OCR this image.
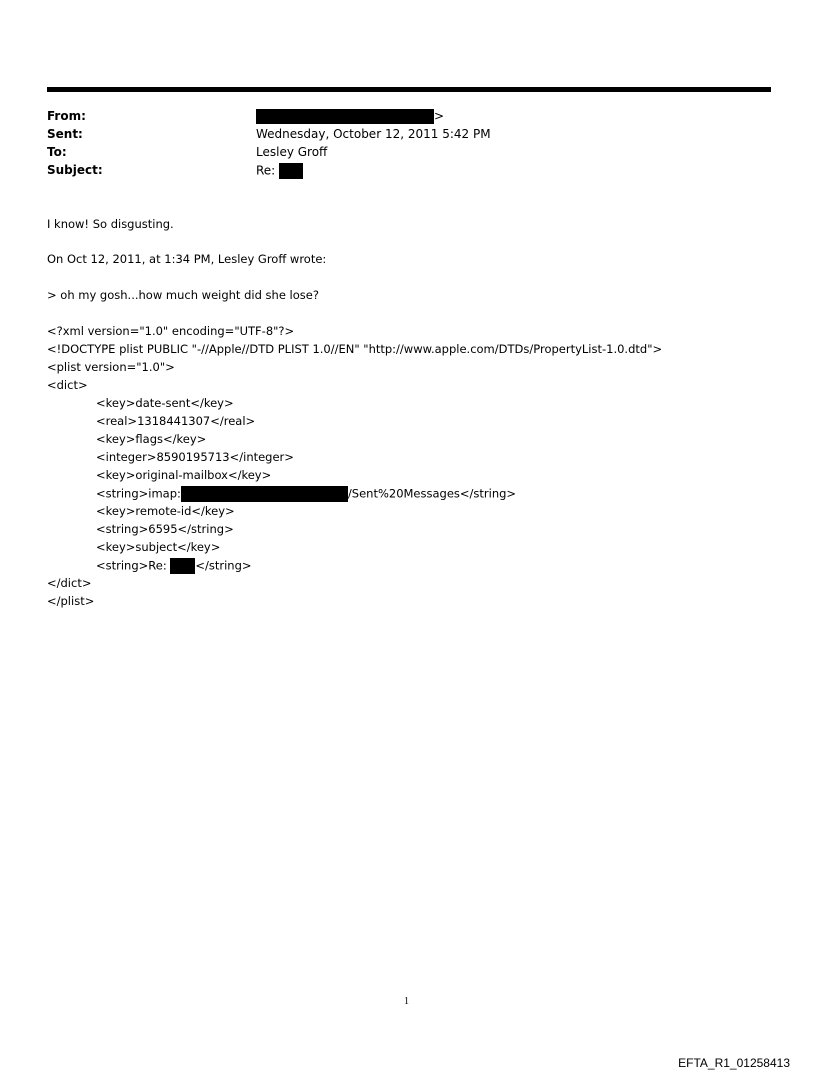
From:	>
Sent:	Wednesday, October 12, 2011 5:42 PM
To:	Lesley Groff
Subject:	Re:
I know! So disgusting.
On Oct 12, 2011, at 1:34 PM, Lesley Groff wrote:
> oh my gosh...how much weight did she lose?
<?xml version="1.0" encoding="UTF-8"?>
<!DOCTYPE plist PUBLIC "-//Apple//DTD PLIST 1.0//EN" "http://www.apple.com/DTDs/PropertyList-1.0.dtd">
<plist version="1.0">
<dict>
<key>date-sent</key>
<real>1318441307</real>
<key>flags</key>
<integer>8590195713</integer>
<key>original-mailbox</key>
<string>imap:	/Sent%20Messages</string>
<key>remote-id</key>
<string>6595</string>
<key>subject</key>
<string>Re: </string>
</dict>
</plist>
1
EFTA_R1_01258413
